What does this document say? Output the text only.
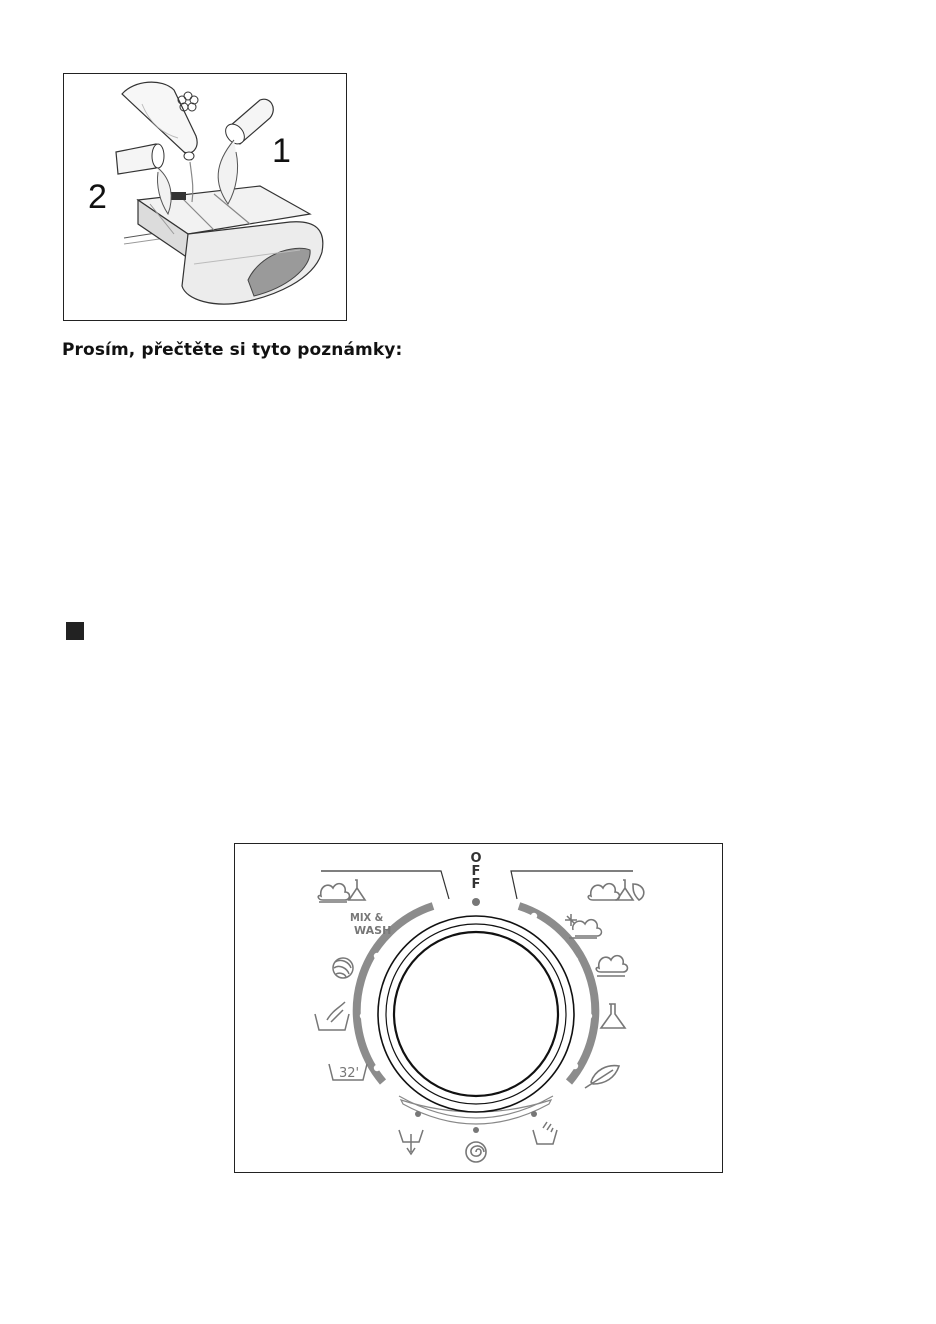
1
2
Prosím, přečtěte si tyto poznámky:
O
F
F
MIX &
WASH
32'
